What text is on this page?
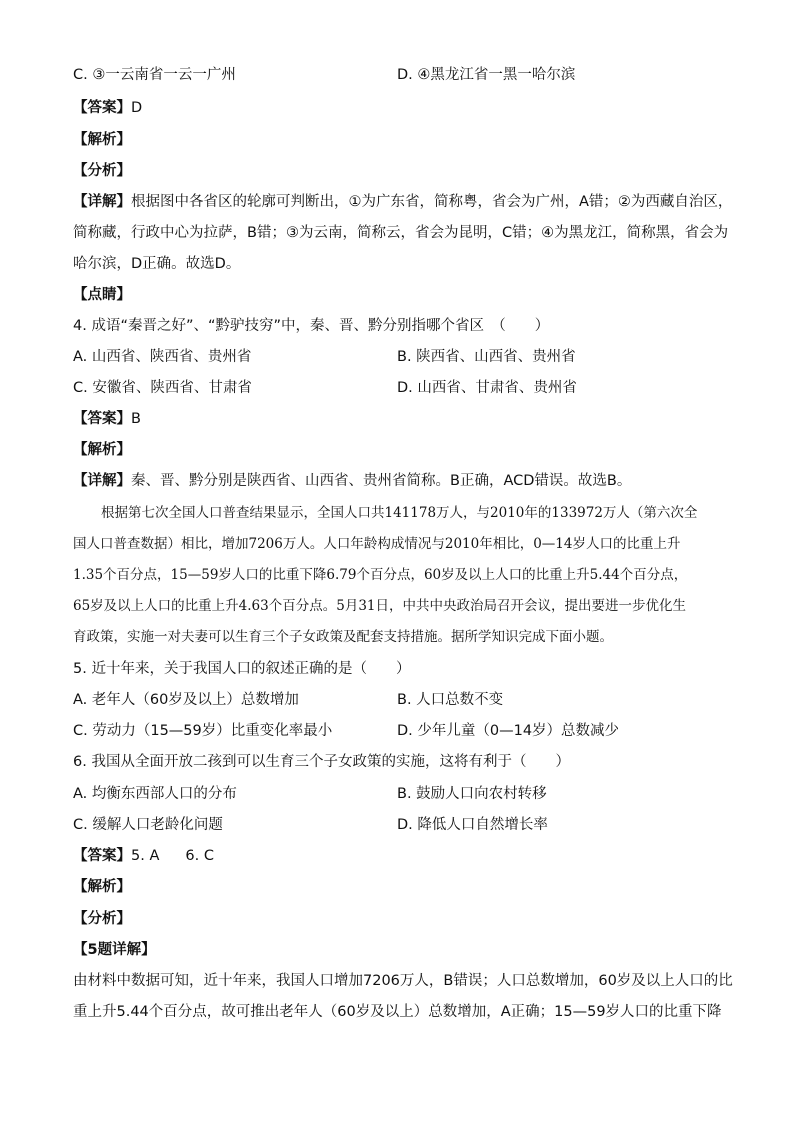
C. ③一云南省一云一广州	D. ④黑龙江省一黑一哈尔滨
【答案】D
【解析】
【分析】
【详解】根据图中各省区的轮廓可判断出，①为广东省，简称粤，省会为广州，A错；②为西藏自治区，
简称藏，行政中心为拉萨，B错；③为云南，简称云，省会为昆明，C错；④为黑龙江，简称黑，省会为
哈尔滨，D正确。故选D。
【点睛】
4. 成语“秦晋之好”、“黔驴技穷”中，秦、晋、黔分别指哪个省区　（　　）
A. 山西省、陕西省、贵州省	B. 陕西省、山西省、贵州省
C. 安徽省、陕西省、甘肃省	D. 山西省、甘肃省、贵州省
【答案】B
【解析】
【详解】秦、晋、黔分别是陕西省、山西省、贵州省简称。B正确，ACD错误。故选B。
根据第七次全国人口普查结果显示，全国人口共141178万人，与2010年的133972万人（第六次全
国人口普查数据）相比，增加7206万人。人口年龄构成情况与2010年相比，0—14岁人口的比重上升
1.35个百分点，15—59岁人口的比重下降6.79个百分点，60岁及以上人口的比重上升5.44个百分点，
65岁及以上人口的比重上升4.63个百分点。5月31日，中共中央政治局召开会议，提出要进一步优化生
育政策，实施一对夫妻可以生育三个子女政策及配套支持措施。据所学知识完成下面小题。
5. 近十年来，关于我国人口的叙述正确的是（　　）
A. 老年人（60岁及以上）总数增加	B. 人口总数不变
C. 劳动力（15—59岁）比重变化率最小	D. 少年儿童（0—14岁）总数减少
6. 我国从全面开放二孩到可以生育三个子女政策的实施，这将有利于（　　）
A. 均衡东西部人口的分布	B. 鼓励人口向农村转移
C. 缓解人口老龄化问题	D. 降低人口自然增长率
【答案】5. A 6. C
【解析】
【分析】
【5题详解】
由材料中数据可知，近十年来，我国人口增加7206万人，B错误；人口总数增加，60岁及以上人口的比
重上升5.44个百分点，故可推出老年人（60岁及以上）总数增加，A正确；15—59岁人口的比重下降
